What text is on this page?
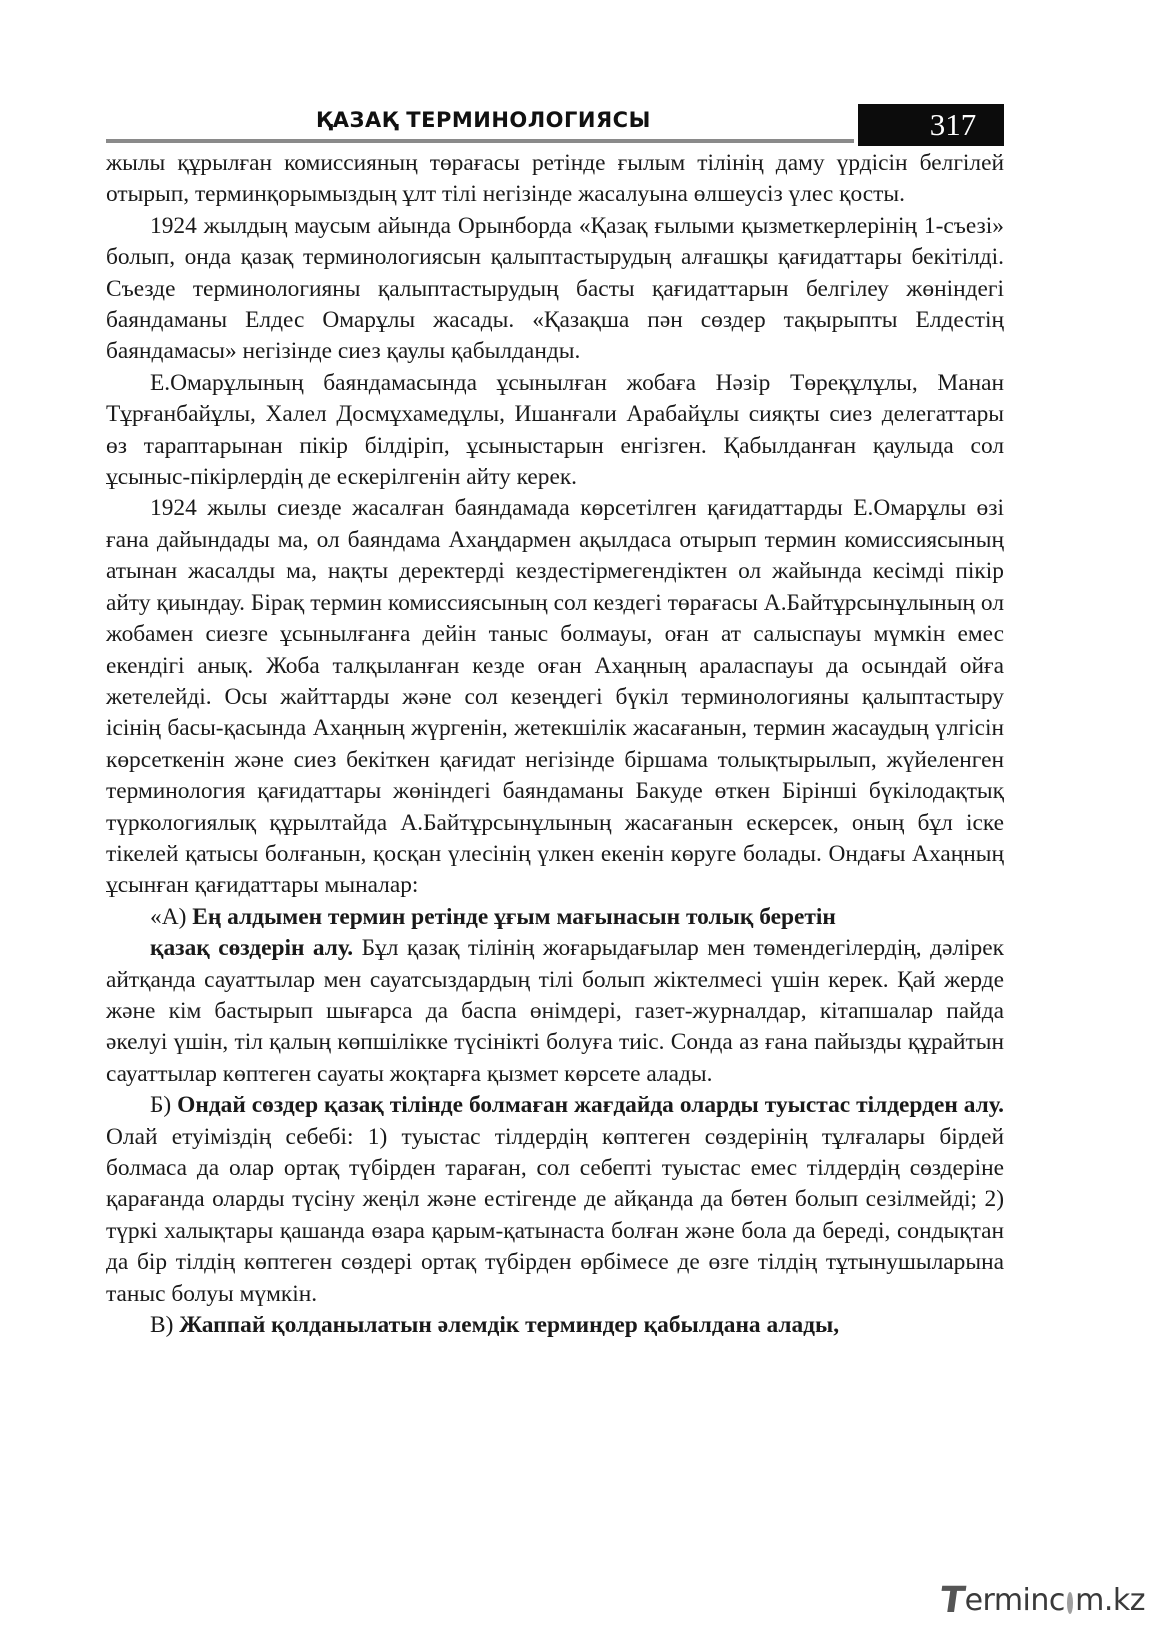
ҚАЗАҚ ТЕРМИНОЛОГИЯСЫ	317

жылы құрылған комиссияның төрағасы ретінде ғылым тілінің даму үрдісін белгілей отырып, терминқорымыздың ұлт тілі негізінде жасалуына өлшеусіз үлес қосты.

1924 жылдың маусым айында Орынборда «Қазақ ғылыми қызметкерлерінің 1-съезі» болып, онда қазақ терминологиясын қалыптастырудың алғашқы қағидаттары бекітілді. Съезде терминологияны қалыптастырудың басты қағидаттарын белгілеу жөніндегі баяндаманы Елдес Омарұлы жасады. «Қазақша пән сөздер тақырыпты Елдестің баяндамасы» негізінде сиез қаулы қабылданды.

Е.Омарұлының баяндамасында ұсынылған жобаға Нәзір Төреқұлұлы, Манан Тұрғанбайұлы, Халел Досмұхамедұлы, Ишанғали Арабайұлы сияқты сиез делегаттары өз тараптарынан пікір білдіріп, ұсыныстарын енгізген. Қабылданған қаулыда сол ұсыныс-пікірлердің де ескерілгенін айту керек.

1924 жылы сиезде жасалған баяндамада көрсетілген қағидаттарды Е.Омарұлы өзі ғана дайындады ма, ол баяндама Ахаңдармен ақылдаса отырып термин комиссиясының атынан жасалды ма, нақты деректерді кездестірмегендіктен ол жайында кесімді пікір айту қиындау. Бірақ термин комиссиясының сол кездегі төрағасы А.Байтұрсынұлының ол жобамен сиезге ұсынылғанға дейін таныс болмауы, оған ат салыспауы мүмкін емес екендігі анық. Жоба талқыланған кезде оған Ахаңның араласпауы да осындай ойға жетелейді. Осы жайттарды және сол кезеңдегі бүкіл терминологияны қалыптастыру ісінің басы-қасында Ахаңның жүргенін, жетекшілік жасағанын, термин жасаудың үлгісін көрсеткенін және сиез бекіткен қағидат негізінде біршама толықтырылып, жүйеленген терминология қағидаттары жөніндегі баяндаманы Бакуде өткен Бірінші бүкілодақтық түркологиялық құрылтайда А.Байтұрсынұлының жасағанын ескерсек, оның бұл іске тікелей қатысы болғанын, қосқан үлесінің үлкен екенін көруге болады. Ондағы Ахаңның ұсынған қағидаттары мыналар:

«А) Ең алдымен термин ретінде ұғым мағынасын толық беретін

қазақ сөздерін алу. Бұл қазақ тілінің жоғарыдағылар мен төмендегілердің, дәлірек айтқанда сауаттылар мен сауатсыздардың тілі болып жіктелмесі үшін керек. Қай жерде және кім бастырып шығарса да баспа өнімдері, газет-журналдар, кітапшалар пайда әкелуі үшін, тіл қалың көпшілікке түсінікті болуға тиіс. Сонда аз ғана пайызды құрайтын сауаттылар көптеген сауаты жоқтарға қызмет көрсете алады.

Б) Ондай сөздер қазақ тілінде болмаған жағдайда оларды туыстас тілдерден алу. Олай етуіміздің себебі: 1) туыстас тілдердің көптеген сөздерінің тұлғалары бірдей болмаса да олар ортақ түбірден тараған, сол себепті туыстас емес тілдердің сөздеріне қарағанда оларды түсіну жеңіл және естігенде де айқанда да бөтен болып сезілмейді; 2) түркі халықтары қашанда өзара қарым-қатынаста болған және бола да береді, сондықтан да бір тілдің көптеген сөздері ортақ түбірден өрбімесе де өзге тілдің тұтынушыларына таныс болуы мүмкін.

В) Жаппай қолданылатын әлемдік терминдер қабылдана алады,

T
erminc m.kz
